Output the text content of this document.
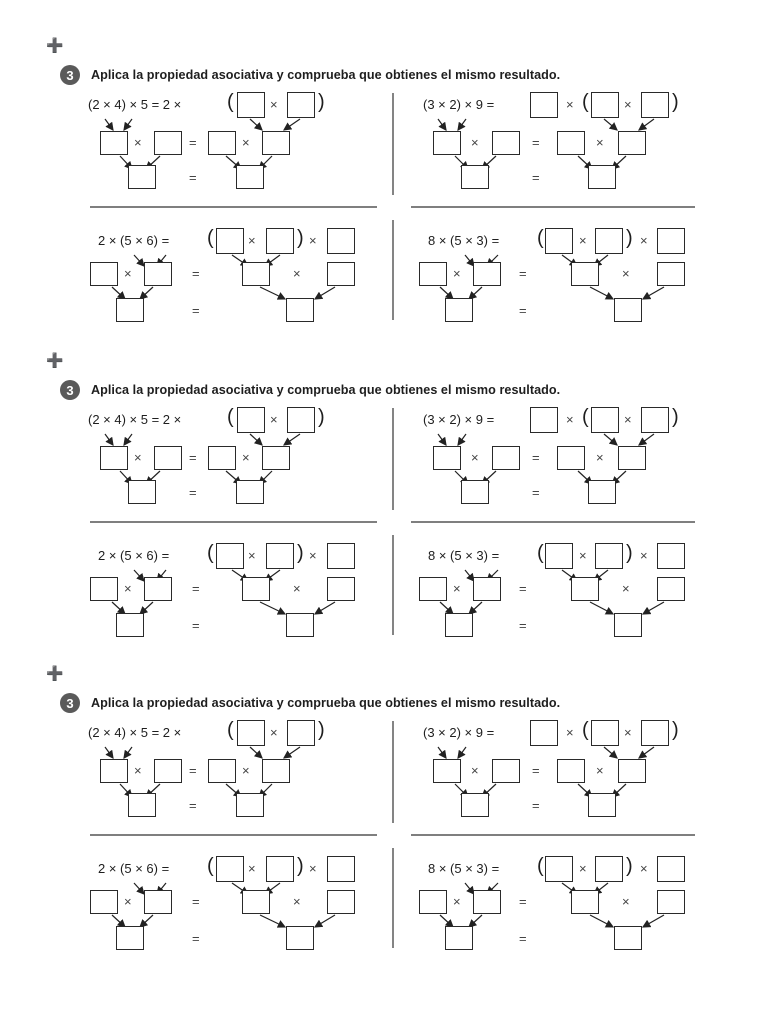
➕
3	Aplica la propiedad asociativa y comprueba que obtienes el mismo resultado.
(2 × 4) × 5 = 2 × (	× )
×	=	×
=
(3 × 2) × 9 =	× (	× )
×	=	×
=
2 × (5 × 6) = (	× ) ×
×	=	×
=
8 × (5 × 3) = (	× ) ×
×	=	×
=
➕
3	Aplica la propiedad asociativa y comprueba que obtienes el mismo resultado.
(2 × 4) × 5 = 2 × (	× )
×	=	×
=
(3 × 2) × 9 =	× (	× )
×	=	×
=
2 × (5 × 6) = (	× ) ×
×	=	×
=
8 × (5 × 3) = (	× ) ×
×	=	×
=
➕
3	Aplica la propiedad asociativa y comprueba que obtienes el mismo resultado.
(2 × 4) × 5 = 2 × (	× )
×	=	×
=
(3 × 2) × 9 =	× (	× )
×	=	×
=
2 × (5 × 6) = (	× ) ×
×	=	×
=
8 × (5 × 3) = (	× ) ×
×	=	×
=
